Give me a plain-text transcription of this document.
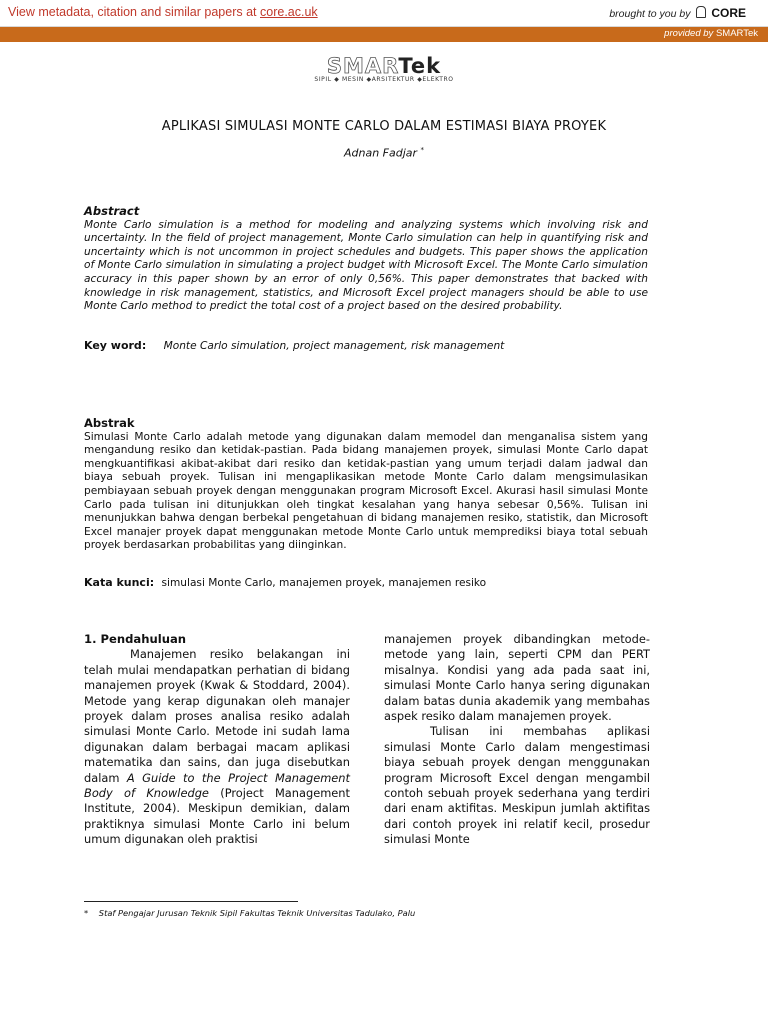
View metadata, citation and similar papers at core.ac.uk	brought to you by CORE
provided by SMARTek
SMARTek
SIPIL ◆ MESIN ◆ARSITEKTUR ◆ELEKTRO
APLIKASI SIMULASI MONTE CARLO DALAM ESTIMASI BIAYA PROYEK
Adnan Fadjar *
Abstract
Monte Carlo simulation is a method for modeling and analyzing systems which involving risk and uncertainty. In the field of project management, Monte Carlo simulation can help in quantifying risk and uncertainty which is not uncommon in project schedules and budgets. This paper shows the application of Monte Carlo simulation in simulating a project budget with Microsoft Excel. The Monte Carlo simulation accuracy in this paper shown by an error of only 0,56%. This paper demonstrates that backed with knowledge in risk management, statistics, and Microsoft Excel project managers should be able to use Monte Carlo method to predict the total cost of a project based on the desired probability.
Key word: Monte Carlo simulation, project management, risk management
Abstrak
Simulasi Monte Carlo adalah metode yang digunakan dalam memodel dan menganalisa sistem yang mengandung resiko dan ketidak-pastian. Pada bidang manajemen proyek, simulasi Monte Carlo dapat mengkuantifikasi akibat-akibat dari resiko dan ketidak-pastian yang umum terjadi dalam jadwal dan biaya sebuah proyek. Tulisan ini mengaplikasikan metode Monte Carlo dalam mengsimulasikan pembiayaan sebuah proyek dengan menggunakan program Microsoft Excel. Akurasi hasil simulasi Monte Carlo pada tulisan ini ditunjukkan oleh tingkat kesalahan yang hanya sebesar 0,56%. Tulisan ini menunjukkan bahwa dengan berbekal pengetahuan di bidang manajemen resiko, statistik, dan Microsoft Excel manajer proyek dapat menggunakan metode Monte Carlo untuk memprediksi biaya total sebuah proyek berdasarkan probabilitas yang diinginkan.
Kata kunci: simulasi Monte Carlo, manajemen proyek, manajemen resiko
1. Pendahuluan
Manajemen resiko belakangan ini telah mulai mendapatkan perhatian di bidang manajemen proyek (Kwak & Stoddard, 2004). Metode yang kerap digunakan oleh manajer proyek dalam proses analisa resiko adalah simulasi Monte Carlo. Metode ini sudah lama digunakan dalam berbagai macam aplikasi matematika dan sains, dan juga disebutkan dalam A Guide to the Project Management Body of Knowledge (Project Management Institute, 2004). Meskipun demikian, dalam praktiknya simulasi Monte Carlo ini belum umum digunakan oleh praktisi
manajemen proyek dibandingkan metode-metode yang lain, seperti CPM dan PERT misalnya. Kondisi yang ada pada saat ini, simulasi Monte Carlo hanya sering digunakan dalam batas dunia akademik yang membahas aspek resiko dalam manajemen proyek.
Tulisan ini membahas aplikasi simulasi Monte Carlo dalam mengestimasi biaya sebuah proyek dengan menggunakan program Microsoft Excel dengan mengambil contoh sebuah proyek sederhana yang terdiri dari enam aktifitas. Meskipun jumlah aktifitas dari contoh proyek ini relatif kecil, prosedur simulasi Monte
* Staf Pengajar Jurusan Teknik Sipil Fakultas Teknik Universitas Tadulako, Palu
